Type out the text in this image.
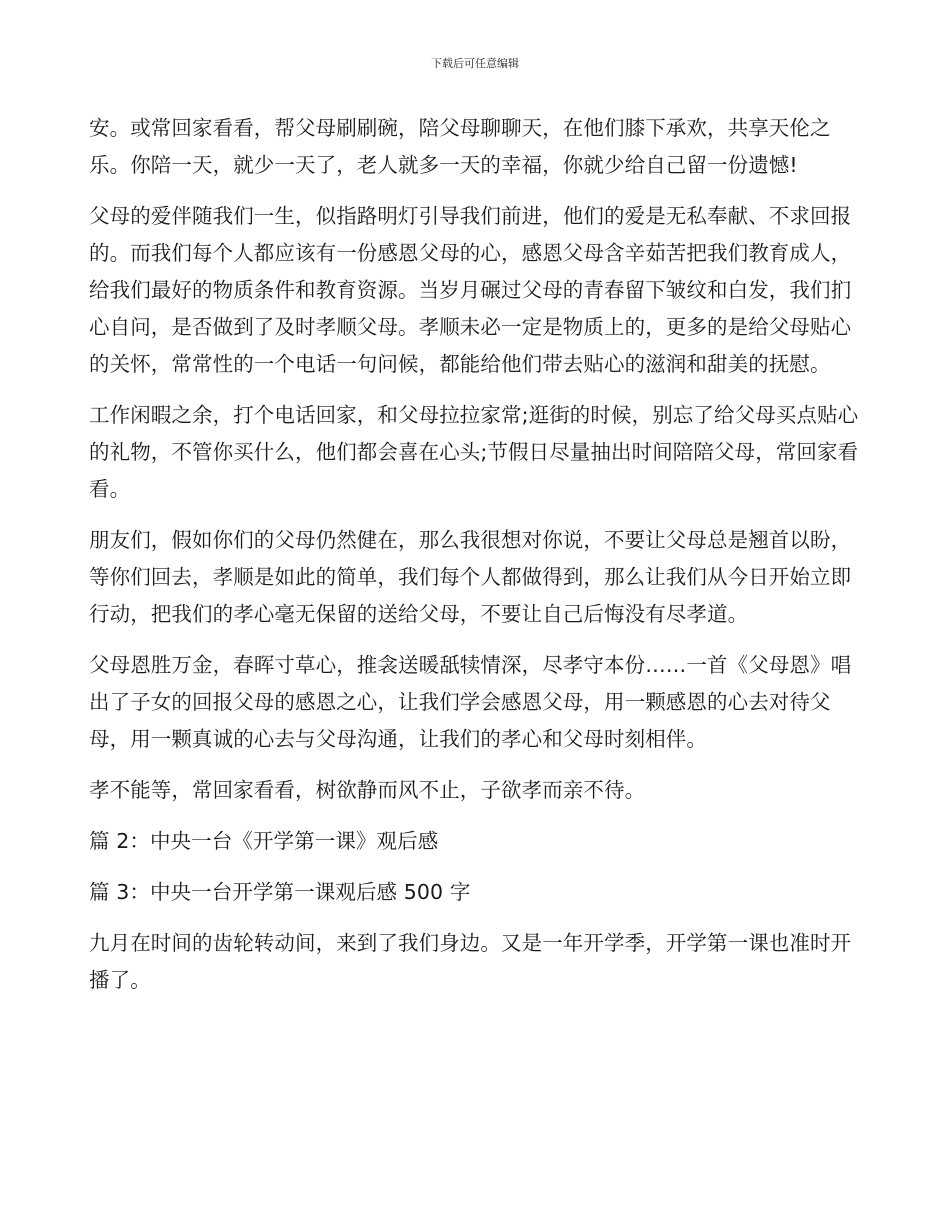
下载后可任意编辑

安。或常回家看看，帮父母刷刷碗，陪父母聊聊天，在他们膝下承欢，共享天伦之乐。你陪一天，就少一天了，老人就多一天的幸福，你就少给自己留一份遗憾!

父母的爱伴随我们一生，似指路明灯引导我们前进，他们的爱是无私奉献、不求回报的。而我们每个人都应该有一份感恩父母的心，感恩父母含辛茹苦把我们教育成人，给我们最好的物质条件和教育资源。当岁月碾过父母的青春留下皱纹和白发，我们扪心自问，是否做到了及时孝顺父母。孝顺未必一定是物质上的，更多的是给父母贴心的关怀，常常性的一个电话一句问候，都能给他们带去贴心的滋润和甜美的抚慰。

工作闲暇之余，打个电话回家，和父母拉拉家常;逛街的时候，别忘了给父母买点贴心的礼物，不管你买什么，他们都会喜在心头;节假日尽量抽出时间陪陪父母，常回家看看。

朋友们，假如你们的父母仍然健在，那么我很想对你说，不要让父母总是翘首以盼，等你们回去，孝顺是如此的简单，我们每个人都做得到，那么让我们从今日开始立即行动，把我们的孝心毫无保留的送给父母，不要让自己后悔没有尽孝道。

父母恩胜万金，春晖寸草心，推衾送暖舐犊情深，尽孝守本份……一首《父母恩》唱出了子女的回报父母的感恩之心，让我们学会感恩父母，用一颗感恩的心去对待父母，用一颗真诚的心去与父母沟通，让我们的孝心和父母时刻相伴。

孝不能等，常回家看看，树欲静而风不止，子欲孝而亲不待。

篇 2：中央一台《开学第一课》观后感

篇 3：中央一台开学第一课观后感 500 字

九月在时间的齿轮转动间，来到了我们身边。又是一年开学季，开学第一课也准时开播了。
